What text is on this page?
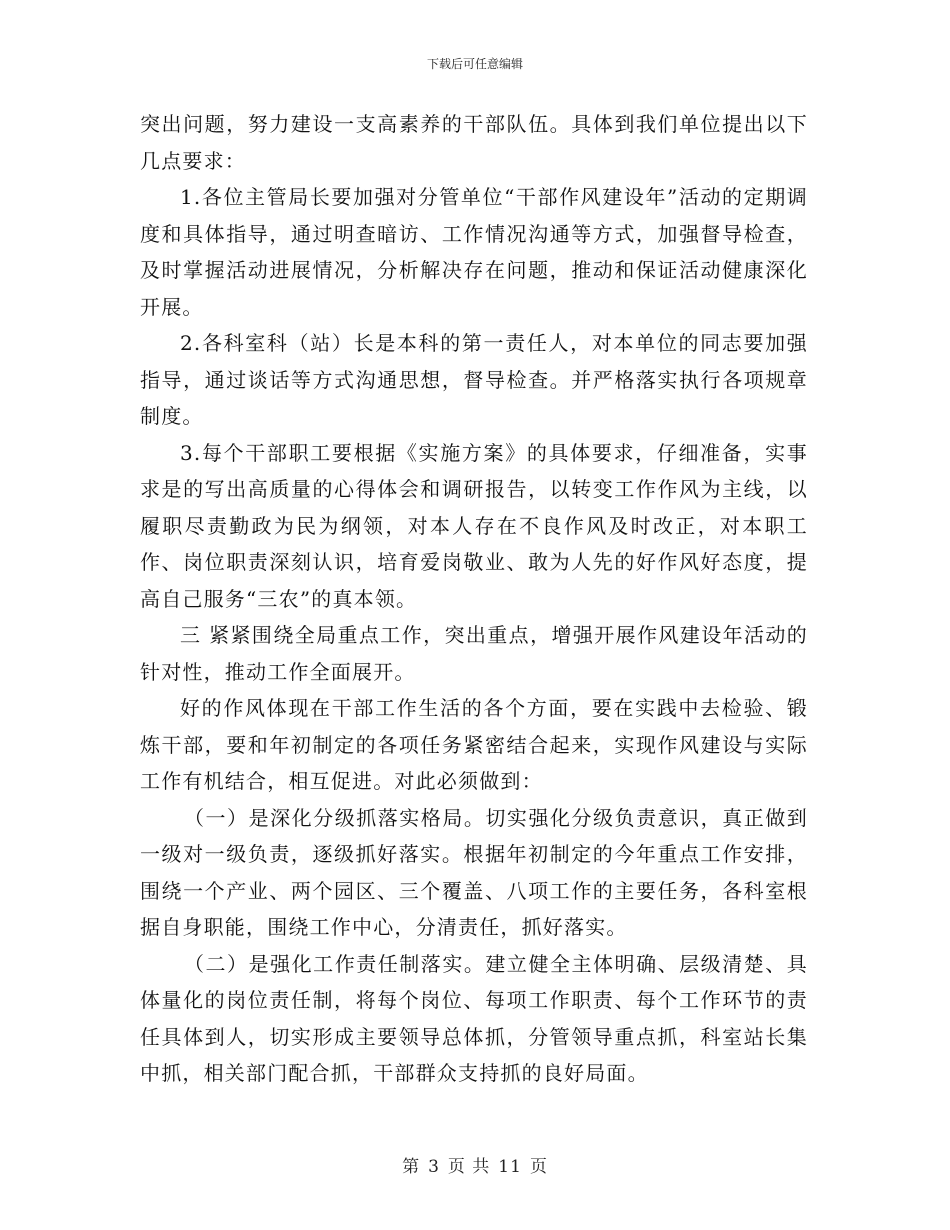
下载后可任意编辑

突出问题，努力建设一支高素养的干部队伍。具体到我们单位提出以下几点要求：

1.各位主管局长要加强对分管单位“干部作风建设年”活动的定期调度和具体指导，通过明查暗访、工作情况沟通等方式，加强督导检查，及时掌握活动进展情况，分析解决存在问题，推动和保证活动健康深化开展。

2.各科室科（站）长是本科的第一责任人，对本单位的同志要加强指导，通过谈话等方式沟通思想，督导检查。并严格落实执行各项规章制度。

3.每个干部职工要根据《实施方案》的具体要求，仔细准备，实事求是的写出高质量的心得体会和调研报告，以转变工作作风为主线，以履职尽责勤政为民为纲领，对本人存在不良作风及时改正，对本职工作、岗位职责深刻认识，培育爱岗敬业、敢为人先的好作风好态度，提高自己服务“三农”的真本领。

三 紧紧围绕全局重点工作，突出重点，增强开展作风建设年活动的针对性，推动工作全面展开。

好的作风体现在干部工作生活的各个方面，要在实践中去检验、锻炼干部，要和年初制定的各项任务紧密结合起来，实现作风建设与实际工作有机结合，相互促进。对此必须做到：

（一）是深化分级抓落实格局。切实强化分级负责意识，真正做到一级对一级负责，逐级抓好落实。根据年初制定的今年重点工作安排，围绕一个产业、两个园区、三个覆盖、八项工作的主要任务，各科室根据自身职能，围绕工作中心，分清责任，抓好落实。

（二）是强化工作责任制落实。建立健全主体明确、层级清楚、具体量化的岗位责任制，将每个岗位、每项工作职责、每个工作环节的责任具体到人，切实形成主要领导总体抓，分管领导重点抓，科室站长集中抓，相关部门配合抓，干部群众支持抓的良好局面。

第 3 页 共 11 页
